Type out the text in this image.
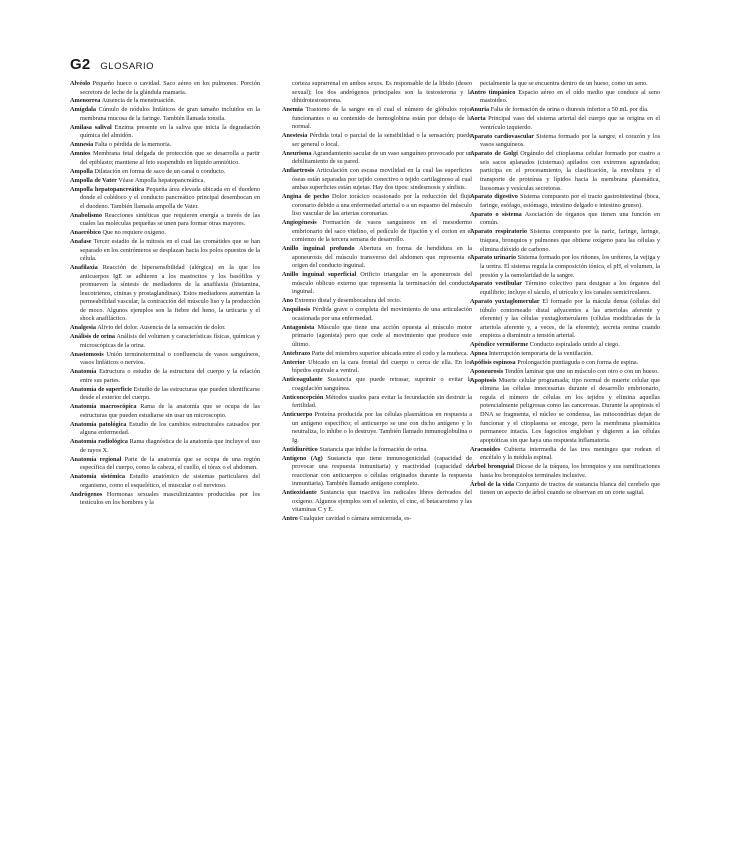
G2 GLOSARIO

Alvéolo Pequeño hueco o cavidad. Saco aéreo en los pulmones. Porción secretora de leche de la glándula mamaria.

Amenorrea Ausencia de la menstruación.

Amígdala Cúmulo de nódulos linfáticos de gran tamaño incluidos en la membrana mucosa de la faringe. También llamada tonsila.

Amilasa salival Enzima presente en la saliva que inicia la degradación química del almidón.

Amnesia Falta o pérdida de la memoria.

Amnios Membrana fetal delgada de protección que se desarrolla a partir del epiblasto; mantiene al feto suspendido en líquido amniótico.

Ampolla Dilatación en forma de saco de un canal o conducto.

Ampolla de Vater Véase Ampolla hepatopancreática.

Ampolla hepatopancreática Pequeña área elevada ubicada en el duodeno donde el colédoco y el conducto pancreático principal desembocan en el duodeno. También llamada ampolla de Vater.

Anabolismo Reacciones sintéticas que requieren energía a través de las cuales las moléculas pequeñas se unen para formar otras mayores.

Anaeróbico Que no requiere oxígeno.

Anafase Tercer estadio de la mitosis en el cual las cromátides que se han separado en los centrómeros se desplazan hacia los polos opuestos de la célula.

Anafilaxia Reacción de hipersensibilidad (alérgica) en la que los anticuerpos IgE se adhieren a los mastocitos y los basófilos y promueven la síntesis de mediadores de la anafilaxia (histamina, leucotrienos, cininas y prostaglandinas). Estos mediadores aumentan la permeabilidad vascular, la contracción del músculo liso y la producción de moco. Algunos ejemplos son la fiebre del heno, la urticaria y el shock anafiláctico.

Analgesia Alivio del dolor. Ausencia de la sensación de dolor.

Análisis de orina Análisis del volumen y características físicas, químicas y microscópicas de la orina.

Anastomosis Unión terminoterminal o confluencia de vasos sanguíneos, vasos linfáticos o nervios.

Anatomía Estructura o estudio de la estructura del cuerpo y la relación entre sus partes.

Anatomía de superficie Estudio de las estructuras que pueden identificarse desde el exterior del cuerpo.

Anatomía macroscópica Rama de la anatomía que se ocupa de las estructuras que pueden estudiarse sin usar un microscopio.

Anatomía patológica Estudio de los cambios estructurales causados por alguna enfermedad.

Anatomía radiológica Rama diagnóstica de la anatomía que incluye el uso de rayos X.

Anatomía regional Parte de la anatomía que se ocupa de una región específica del cuerpo, como la cabeza, el cuello, el tórax o el abdomen.

Anatomía sistémica Estudio anatómico de sistemas particulares del organismo, como el esquelético, el muscular o el nervioso.

Andrógenos Hormonas sexuales masculinizantes producidas por los testículos en los hombres y la

corteza suprarrenal en ambos sexos. Es responsable de la libido (deseo sexual); los dos andrógenos principales son la testosterona y la dihidrotestosterona.

Anemia Trastorno de la sangre en el cual el número de glóbulos rojos funcionantes o su contenido de hemoglobina están por debajo de lo normal.

Anestesia Pérdida total o parcial de la sensibilidad o la sensación; puede ser general o local.

Aneurisma Agrandamiento sacular de un vaso sanguíneo provocado por un debilitamiento de su pared.

Anfiartrosis Articulación con escasa movilidad en la cual las superficies óseas están separadas por tejido conectivo o tejido cartilaginoso al cual ambas superficies están sujetas. Hay dos tipos: sindesmosis y sínfisis.

Angina de pecho Dolor torácico ocasionado por la reducción del flujo coronario debido a una enfermedad arterial o a un espasmo del músculo liso vascular de las arterias coronarias.

Angiogénesis Formación de vasos sanguíneos en el mesodermo embrionario del saco vitelino, el pedículo de fijación y el corion en el comienzo de la tercera semana de desarrollo.

Anillo inguinal profundo Abertura en forma de hendidura en la aponeurosis del músculo transverso del abdomen que representa el origen del conducto inguinal.

Anillo inguinal superficial Orificio triangular en la aponeurosis del músculo oblicuo externo que representa la terminación del conducto inguinal.

Ano Extremo distal y desembocadura del recto.

Anquilosis Pérdida grave o completa del movimiento de una articulación ocasionada por una enfermedad.

Antagonista Músculo que tiene una acción opuesta al músculo motor primario (agonista) pero que cede al movimiento que produce este último.

Antebrazo Parte del miembro superior ubicada entre el codo y la muñeca.

Anterior Ubicado en la cara frontal del cuerpo o cerca de ella. En los bípedos equivale a ventral.

Anticoagulante Sustancia que puede retrasar, suprimir o evitar la coagulación sanguínea.

Anticoncepción Métodos usados para evitar la fecundación sin destruir la fertilidad.

Anticuerpo Proteína producida por las células plasmáticas en respuesta a un antígeno específico; el anticuerpo se une con dicho antígeno y lo neutraliza, lo inhibe o lo destruye. También llamado inmunoglobulina o Ig.

Antidiurético Sustancia que inhibe la formación de orina.

Antígeno (Ag) Sustancia que tiene inmunogenicidad (capacidad de provocar una respuesta inmunitaria) y reactividad (capacidad de reaccionar con anticuerpos o células originados durante la respuesta inmunitaria). También llamado antígeno completo.

Antioxidante Sustancia que inactiva los radicales libres derivados del oxígeno. Algunos ejemplos son el selenio, el cinc, el betacaroteno y las vitaminas C y E.

Antro Cualquier cavidad o cámara semicerrada, es-

pecialmente la que se encuentra dentro de un hueso, como un seno.

Antro timpánico Espacio aéreo en el oído medio que conduce al seno mastoideo.

Anuria Falta de formación de orina o diuresis inferior a 50 mL por día.

Aorta Principal vaso del sistema arterial del cuerpo que se origina en el ventrículo izquierdo.

Aparato cardiovascular Sistema formado por la sangre, el corazón y los vasos sanguíneos.

Aparato de Golgi Orgánulo del citoplasma celular formado por cuatro a seis sacos aplanados (cisternas) apilados con extremos agrandados; participa en el procesamiento, la clasificación, la envoltura y el transporte de proteínas y lípidos hacia la membrana plasmática, lisosomas y vesículas secretoras.

Aparato digestivo Sistema compuesto por el tracto gastrointestinal (boca, faringe, esófago, estómago, intestino delgado e intestino grueso).

Aparato o sistema Asociación de órganos que tienen una función en común.

Aparato respiratorio Sistema compuesto por la nariz, faringe, laringe, tráquea, bronquios y pulmones que obtiene oxígeno para las células y elimina dióxido de carbono.

Aparato urinario Sistema formado por los riñones, los uréteres, la vejiga y la uretra. El sistema regula la composición iónica, el pH, el volumen, la presión y la osmolaridad de la sangre.

Aparato vestibular Término colectivo para designar a los órganos del equilibrio; incluye el sáculo, el utrículo y los canales semicirculares.

Aparato yuxtaglomerular El formado por la mácula densa (células del túbulo contorneado distal adyacentes a las arteriolas aferente y eferente) y las células yuxtaglomerulares (células modificadas de la arteriola aferente y, a veces, de la eferente); secreta renina cuando empieza a disminuir a tensión arterial.

Apéndice vermiforme Conducto espiralado unido al ciego.

Apnea Interrupción temporaria de la ventilación.

Apófisis espinosa Prolongación puntiaguda o con forma de espina.

Aponeurosis Tendón laminar que une un músculo con otro o con un hueso.

Apoptosis Muerte celular programada; tipo normal de muerte celular que elimina las células innecesarias durante el desarrollo embrionario, regula el número de células en los tejidos y elimina aquellas potencialmente peligrosas como las cancerosas. Durante la apoptosis el DNA se fragmenta, el núcleo se condensa, las mitocondrias dejan de funcionar y el citoplasma se encoge, pero la membrana plasmática permanece intacta. Los fagocitos engloban y digieren a las células apoptóticas sin que haya una respuesta inflamatoria.

Aracnoides Cubierta intermedia de las tres meninges que rodean el encéfalo y la médula espinal.

Árbol bronquial Dícese de la tráquea, los bronquios y sus ramificaciones hasta los bronquiolos terminales inclusive.

Árbol de la vida Conjunto de tractos de sustancia blanca del cerebelo que tienen un aspecto de árbol cuando se observan en un corte sagital.
